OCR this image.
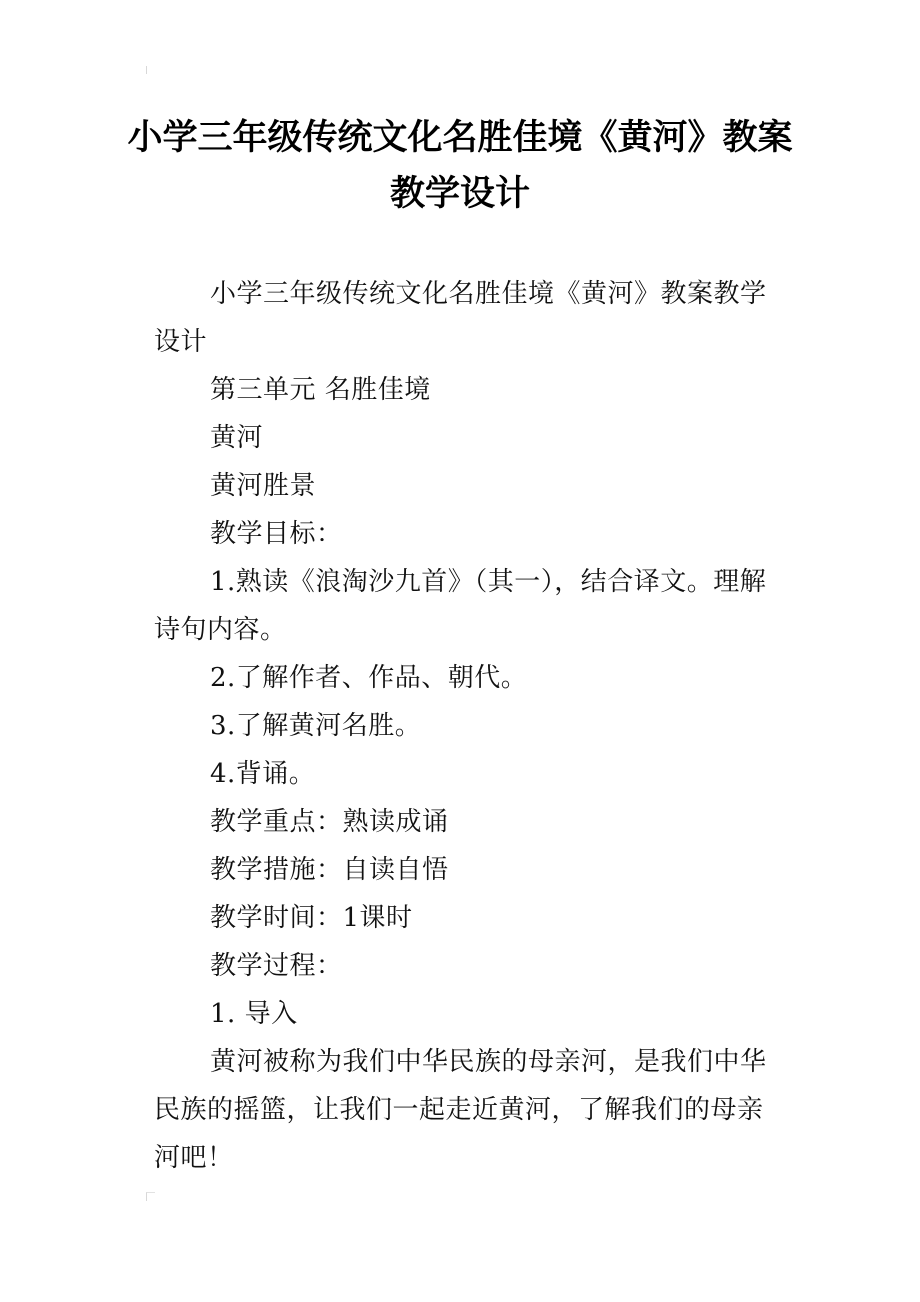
小学三年级传统文化名胜佳境《黄河》教案教学设计

小学三年级传统文化名胜佳境《黄河》教案教学设计

第三单元 名胜佳境

黄河

黄河胜景

教学目标：

1.熟读《浪淘沙九首》（其一），结合译文。理解诗句内容。

2.了解作者、作品、朝代。

3.了解黄河名胜。

4.背诵。

教学重点：熟读成诵

教学措施：自读自悟

教学时间：1课时

教学过程：

1. 导入

黄河被称为我们中华民族的母亲河，是我们中华民族的摇篮，让我们一起走近黄河，了解我们的母亲河吧！
